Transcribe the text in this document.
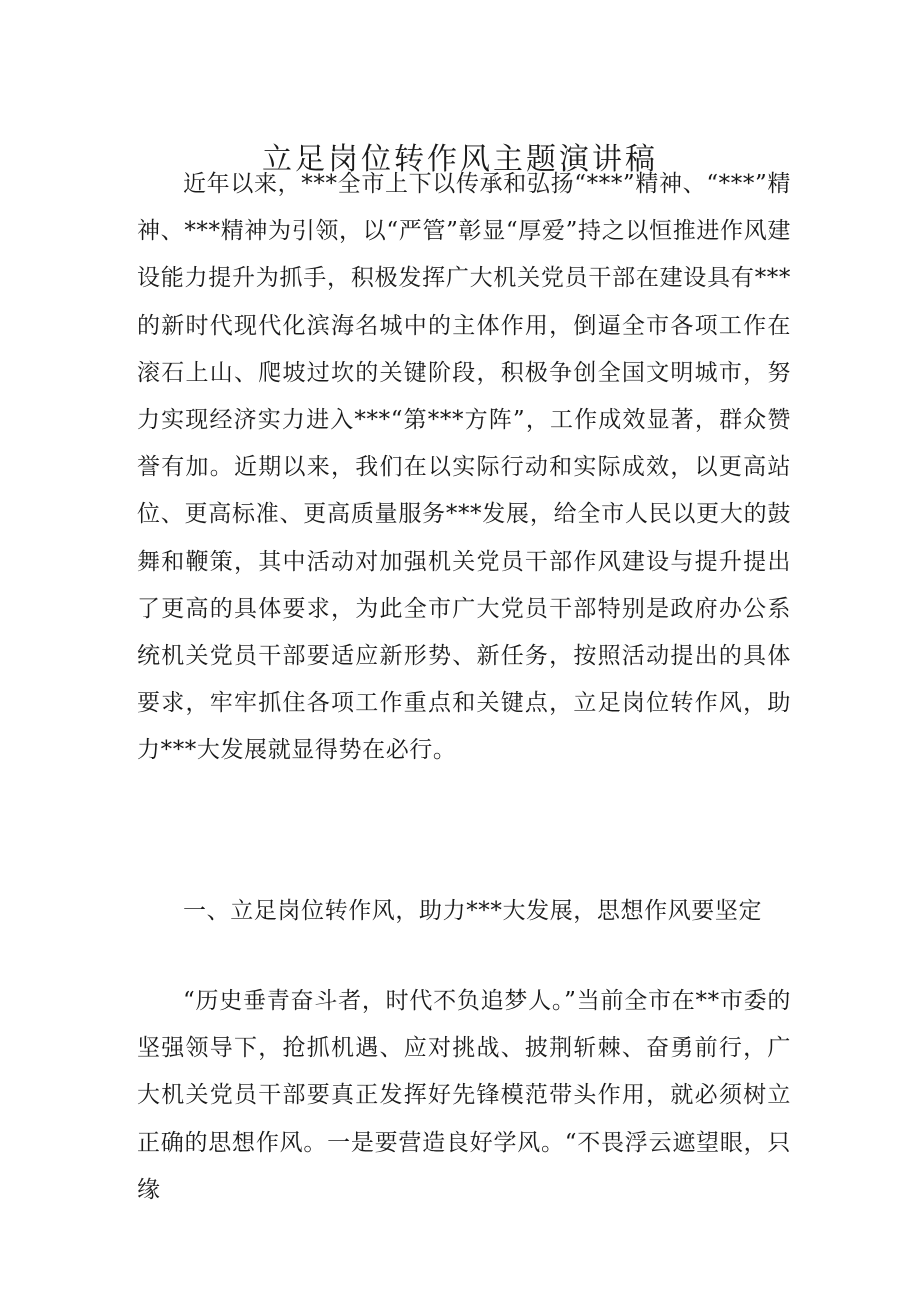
立足岗位转作风主题演讲稿

近年以来，***全市上下以传承和弘扬“***”精神、“***”精神、***精神为引领，以“严管”彰显“厚爱”持之以恒推进作风建设能力提升为抓手，积极发挥广大机关党员干部在建设具有***的新时代现代化滨海名城中的主体作用，倒逼全市各项工作在滚石上山、爬坡过坎的关键阶段，积极争创全国文明城市，努力实现经济实力进入***“第***方阵”，工作成效显著，群众赞誉有加。近期以来，我们在以实际行动和实际成效，以更高站位、更高标准、更高质量服务***发展，给全市人民以更大的鼓舞和鞭策，其中活动对加强机关党员干部作风建设与提升提出了更高的具体要求，为此全市广大党员干部特别是政府办公系统机关党员干部要适应新形势、新任务，按照活动提出的具体要求，牢牢抓住各项工作重点和关键点，立足岗位转作风，助力***大发展就显得势在必行。

一、立足岗位转作风，助力***大发展，思想作风要坚定

“历史垂青奋斗者，时代不负追梦人。”当前全市在**市委的坚强领导下，抢抓机遇、应对挑战、披荆斩棘、奋勇前行，广大机关党员干部要真正发挥好先锋模范带头作用，就必须树立正确的思想作风。一是要营造良好学风。“不畏浮云遮望眼，只缘
